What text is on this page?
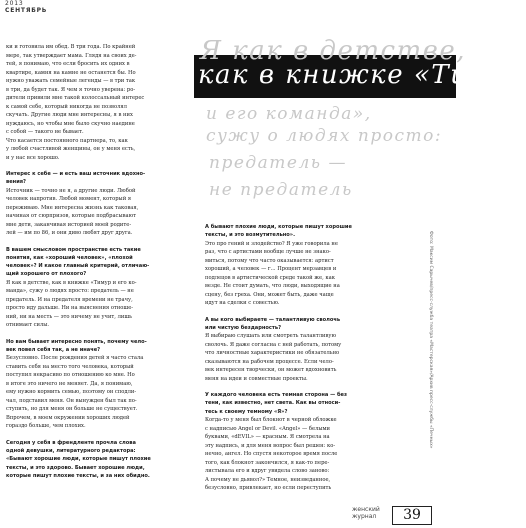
2013
СЕНТЯБРЬ

ки и готовила им обед. В три года. По крайней
мере, так утверждает мама. Глядя на своих де-
тей, я понимаю, что если бросить их одних в
квартире, камня на камне не останется бы. Но
нужно уважать семейные легенды — в три так
в три, да будет так. Я чем я точно уверена: ро-
дители привили мне такой колоссальный интерес
к самой себе, который никогда не позволял
скучать. Другие люди мне интересны, я в них
нуждаюсь, но чтобы мне было скучно наедине
с собой — такого не бывает.

Что касается постоянного партнера, то, как
у любой счастливой женщины, он у меня есть,
и у нас все хорошо.

Интерес к себе — и есть ваш источник вдохно-
вения?

Источник — точно не я, а другие люди. Любой
человек напротив. Любой момент, который я
переживаю. Мне интересна жизнь как таковая,
начиная от сюрпризов, которые подбрасывают
мне дети, заканчивая историей моей родите-
лей — им по 86, и они диво любят друг друга.

В вашем смысловом пространстве есть такие
понятия, как «хороший человек», «плохой
человек»? И какое главный критерий, отличаю-
щий хорошего от плохого?

Я как в детстве, как в книжке «Тимур и его ко-
манда», сужу о людях просто: предатель — не
предатель. И на предателя времени не трачу,
просто иду дальше. Ни на выяснения отноше-
ний, ни на месть — это ничему не учит, лишь
отнимает силы.

Но вам бывает интересно понять, почему чело-
век повел себя так, а не иначе?

Безусловно. После рождения детей я часто стала
ставить себя на место того человека, который
поступил некрасиво по отношению ко мне. Но
в итоге это ничего не меняет. Да, я понимаю,
ему нужно кормить семью, поэтому он сподли-
чал, подставил меня. Он вынужден был так по-
ступить, но для меня он больше не существует.
Впрочем, в моем окружении хороших людей
гораздо больше, чем плохих.

Сегодня у себя в френдленте прочла слова
одной девушки, литературного редактора:
«Бывают хорошие люди, которые пишут плохие
тексты, и это здорово. Бывает хорошие люди,
которые пишут плохие тексты, и за них обидно.

А бывают плохие люди, которые пишут хорошие
тексты, и это возмутительно».

Это про гений и злодейство? Я уже говорила не
раз, что с артистами вообще лучше не знако-
миться, потому что часто оказывается: артист
хороший, а человек — г... Процент мерзавцев и
подлецов в артистической среде такой же, как
везде. Не стоит думать, что люди, выходящие на
сцену, без греха. Они, может быть, даже чаще
идут на сделки с совестью.

А вы кого выбираете — талантливую сволочь
или чистую бездарность?

Я выбираю слушать или смотреть талантливую
сволочь. Я даже согласна с ней работать, потому
что личностные характеристики не обязательно
сказываются на рабочем процессе. Если чело-
век интересен творчески, он может вдохновить
меня на идеи и совместные проекты.

У каждого человека есть темная сторона — без
тени, как известно, нет света. Как вы относи-
тесь к своему темному «Я»?

Когда-то у меня был блокнот в черной обложке
с надписью Angel or Devil. «Angel» — белыми
буквами, «dEVIL» — красным. Я смотрела на
эту надпись, и для меня вопрос был решен: ко-
нечно, ангел. Но спустя некоторое время после
того, как блокнот закончился, я как-то пере-
листывала его и вдруг увидела слово заново:
А почему не дьявол?» Темное, неизведанное,
безусловно, привлекает, но если переступить

Я как в детстве,
как в книжке «Тимур
и его команда»,
сужу о людях просто:
предатель —
не предатель
Фото: Максим Сарычев/пресс-служба театра «Мастерская»/Архив пресс-службы «Печных»
женский
журнал	39
